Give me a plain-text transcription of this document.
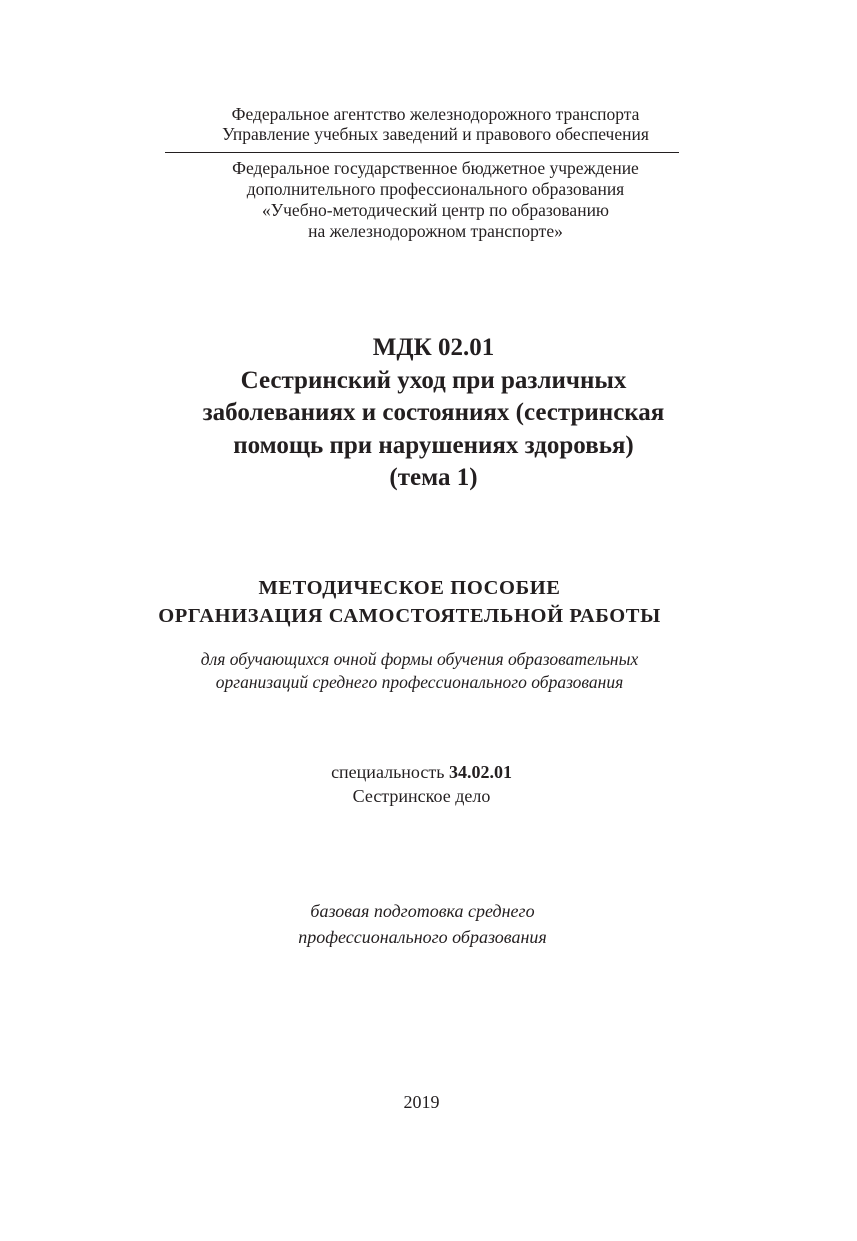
Федеральное агентство железнодорожного транспорта
Управление учебных заведений и правового обеспечения
Федеральное государственное бюджетное учреждение
дополнительного профессионального образования
«Учебно-методический центр по образованию
на железнодорожном транспорте»
МДК 02.01
Сестринский уход при различных
заболеваниях и состояниях (сестринская
помощь при нарушениях здоровья)
(тема 1)
МЕТОДИЧЕСКОЕ ПОСОБИЕ
ОРГАНИЗАЦИЯ САМОСТОЯТЕЛЬНОЙ РАБОТЫ
для обучающихся очной формы обучения образовательных
организаций среднего профессионального образования
специальность 34.02.01
Сестринское дело
базовая подготовка среднего
профессионального образования
2019
